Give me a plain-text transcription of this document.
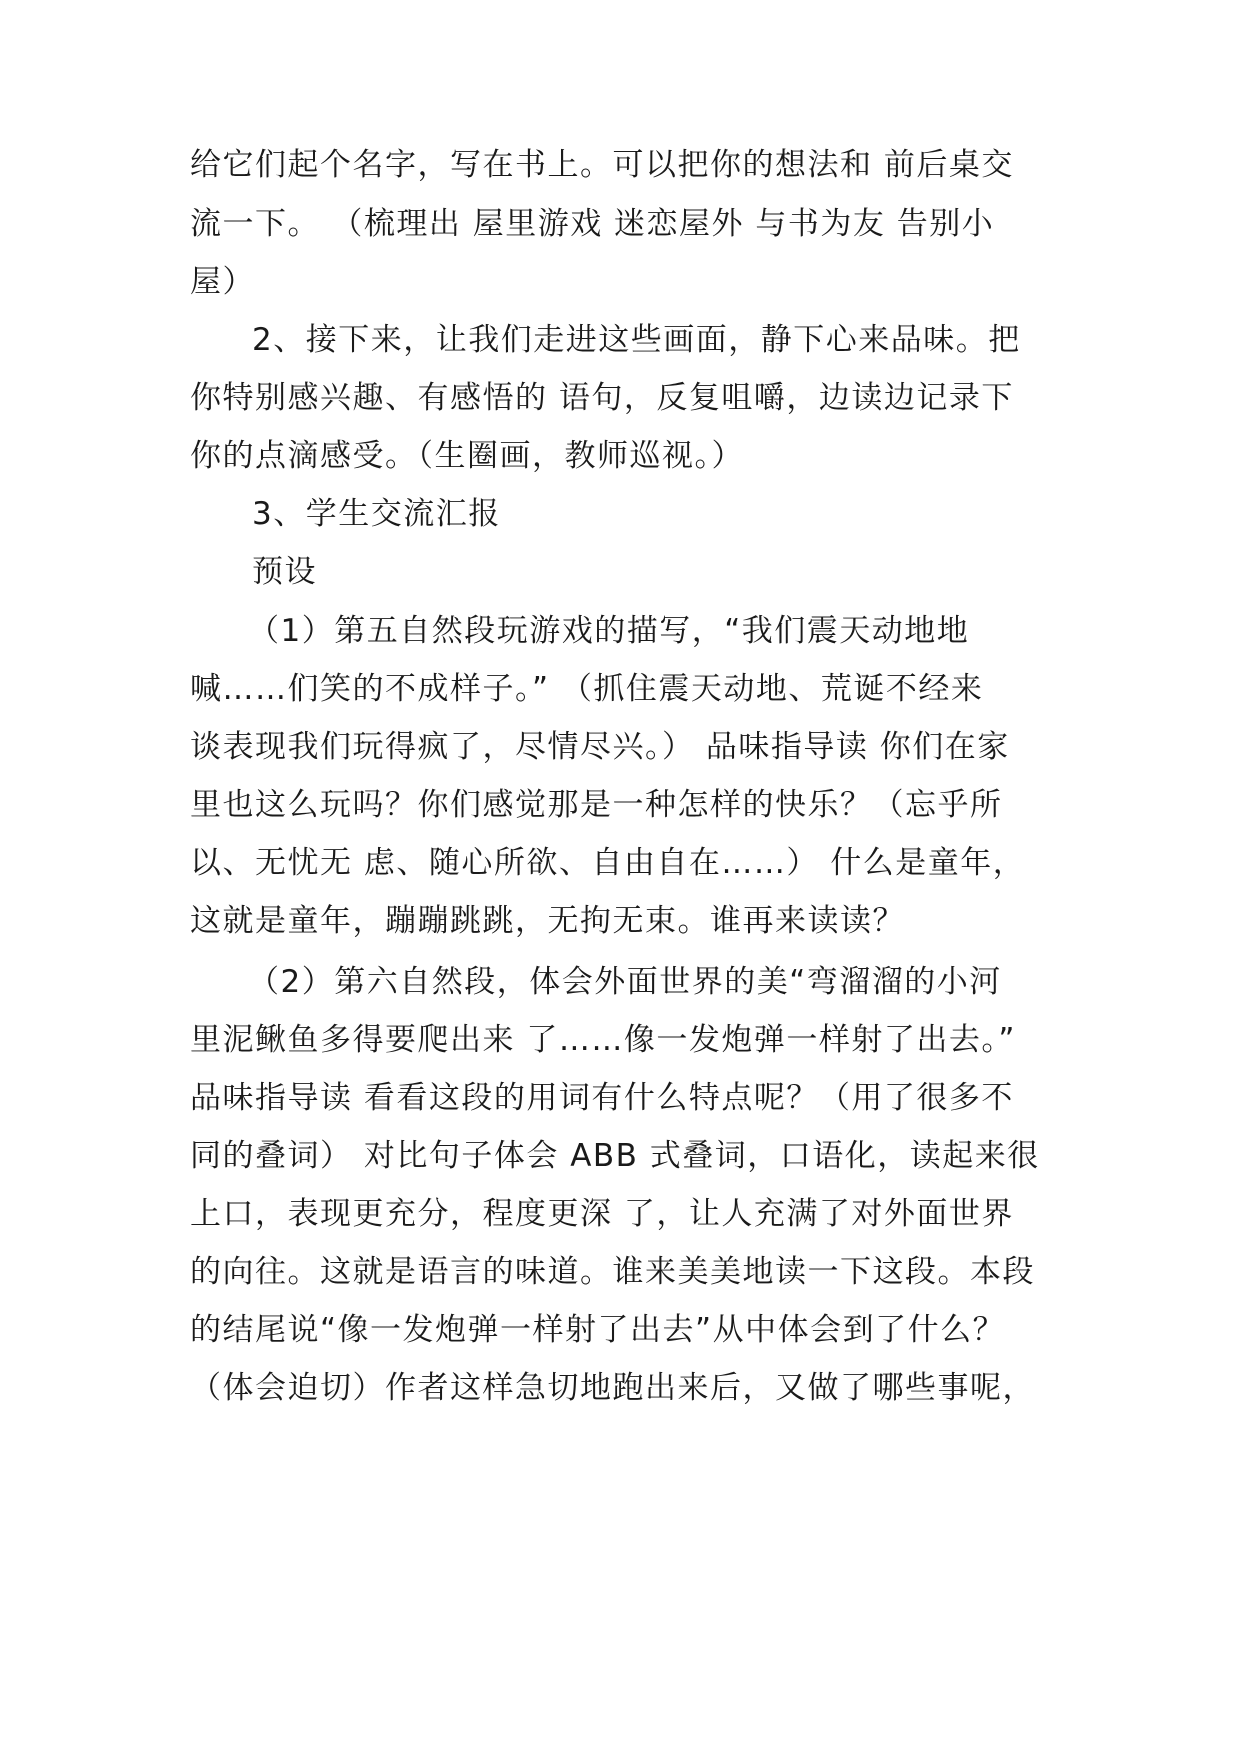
给它们起个名字，写在书上。可以把你的想法和 前后桌交
流一下。 （梳理出 屋里游戏 迷恋屋外 与书为友 告别小
屋）
2、接下来，让我们走进这些画面，静下心来品味。把
你特别感兴趣、有感悟的 语句，反复咀嚼，边读边记录下
你的点滴感受。（生圈画，教师巡视。）
3、学生交流汇报
预设
（1）第五自然段玩游戏的描写，“我们震天动地地
喊……们笑的不成样子。” （抓住震天动地、荒诞不经来
谈表现我们玩得疯了，尽情尽兴。） 品味指导读 你们在家
里也这么玩吗？你们感觉那是一种怎样的快乐？（忘乎所
以、无忧无 虑、随心所欲、自由自在……） 什么是童年，
这就是童年，蹦蹦跳跳，无拘无束。谁再来读读？
（2）第六自然段，体会外面世界的美“弯溜溜的小河
里泥鳅鱼多得要爬出来 了……像一发炮弹一样射了出去。”
品味指导读 看看这段的用词有什么特点呢？（用了很多不
同的叠词） 对比句子体会 ABB 式叠词，口语化，读起来很
上口，表现更充分，程度更深 了，让人充满了对外面世界
的向往。这就是语言的味道。谁来美美地读一下这段。本段
的结尾说“像一发炮弹一样射了出去”从中体会到了什么？
（体会迫切）作者这样急切地跑出来后，又做了哪些事呢，
